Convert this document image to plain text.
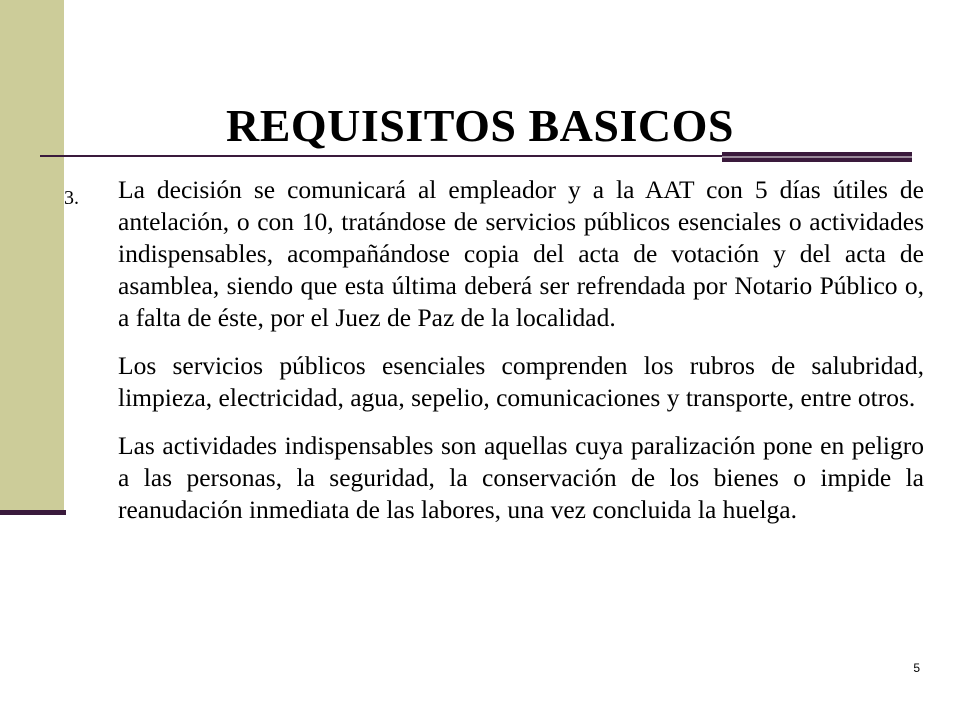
REQUISITOS BASICOS
3. La decisión se comunicará al empleador y a la AAT con 5 días útiles de antelación, o con 10, tratándose de servicios públicos esenciales o actividades indispensables, acompañándose copia del acta de votación y del acta de asamblea, siendo que esta última deberá ser refrendada por Notario Público o, a falta de éste, por el Juez de Paz de la localidad.

Los servicios públicos esenciales comprenden los rubros de salubridad, limpieza, electricidad, agua, sepelio, comunicaciones y transporte, entre otros.

Las actividades indispensables son aquellas cuya paralización pone en peligro a las personas, la seguridad, la conservación de los bienes o impide la reanudación inmediata de las labores, una vez concluida la huelga.

5
